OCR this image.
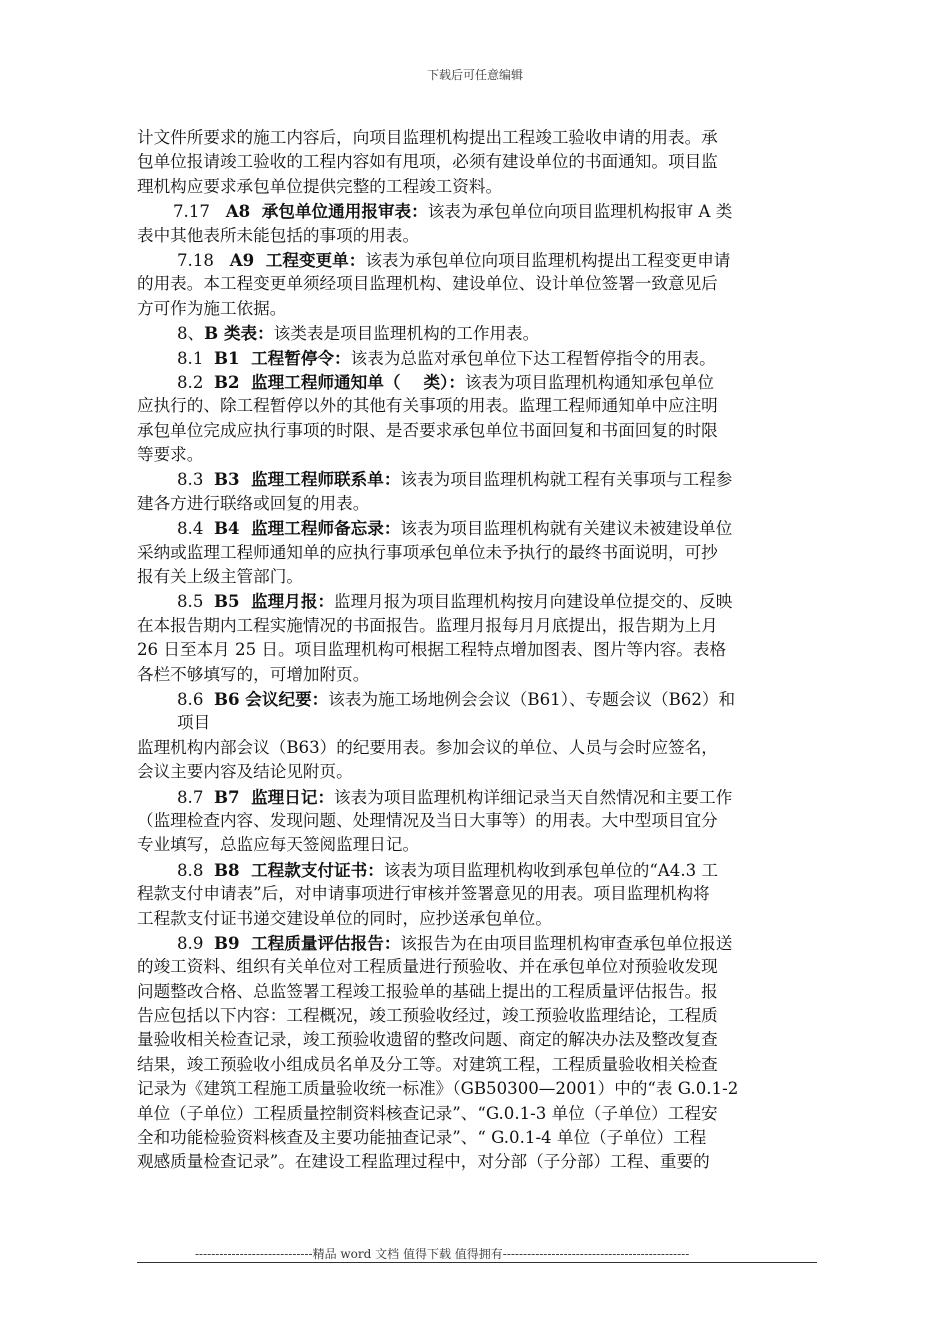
下载后可任意编辑
计文件所要求的施工内容后，向项目监理机构提出工程竣工验收申请的用表。承
包单位报请竣工验收的工程内容如有甩项，必须有建设单位的书面通知。项目监
理机构应要求承包单位提供完整的工程竣工资料。
7.17   A8  承包单位通用报审表：该表为承包单位向项目监理机构报审 A 类
表中其他表所未能包括的事项的用表。
7.18   A9  工程变更单：该表为承包单位向项目监理机构提出工程变更申请
的用表。本工程变更单须经项目监理机构、建设单位、设计单位签署一致意见后
方可作为施工依据。
8、B 类表：该类表是项目监理机构的工作用表。
8.1  B1  工程暂停令：该表为总监对承包单位下达工程暂停指令的用表。
8.2  B2  监理工程师通知单（    类）：该表为项目监理机构通知承包单位
应执行的、除工程暂停以外的其他有关事项的用表。监理工程师通知单中应注明
承包单位完成应执行事项的时限、是否要求承包单位书面回复和书面回复的时限
等要求。
8.3  B3  监理工程师联系单：该表为项目监理机构就工程有关事项与工程参
建各方进行联络或回复的用表。
8.4  B4  监理工程师备忘录：该表为项目监理机构就有关建议未被建设单位
采纳或监理工程师通知单的应执行事项承包单位未予执行的最终书面说明，可抄
报有关上级主管部门。
8.5  B5  监理月报：监理月报为项目监理机构按月向建设单位提交的、反映
在本报告期内工程实施情况的书面报告。监理月报每月月底提出，报告期为上月
26 日至本月 25 日。项目监理机构可根据工程特点增加图表、图片等内容。表格
各栏不够填写的，可增加附页。
8.6  B6 会议纪要：该表为施工场地例会会议（B61）、专题会议（B62）和
项目
监理机构内部会议（B63）的纪要用表。参加会议的单位、人员与会时应签名，
会议主要内容及结论见附页。
8.7  B7  监理日记：该表为项目监理机构详细记录当天自然情况和主要工作
（监理检查内容、发现问题、处理情况及当日大事等）的用表。大中型项目宜分
专业填写，总监应每天签阅监理日记。
8.8  B8  工程款支付证书：该表为项目监理机构收到承包单位的“A4.3 工
程款支付申请表”后，对申请事项进行审核并签署意见的用表。项目监理机构将
工程款支付证书递交建设单位的同时，应抄送承包单位。
8.9  B9  工程质量评估报告：该报告为在由项目监理机构审查承包单位报送
的竣工资料、组织有关单位对工程质量进行预验收、并在承包单位对预验收发现
问题整改合格、总监签署工程竣工报验单的基础上提出的工程质量评估报告。报
告应包括以下内容：工程概况，竣工预验收经过，竣工预验收监理结论，工程质
量验收相关检查记录，竣工预验收遗留的整改问题、商定的解决办法及整改复查
结果，竣工预验收小组成员名单及分工等。对建筑工程，工程质量验收相关检查
记录为《建筑工程施工质量验收统一标准》（GB50300—2001）中的“表 G.0.1-2
单位（子单位）工程质量控制资料核查记录”、“G.0.1-3 单位（子单位）工程安
全和功能检验资料核查及主要功能抽查记录”、“ G.0.1-4 单位（子单位）工程
观感质量检查记录”。在建设工程监理过程中，对分部（子分部）工程、重要的
-----------------------------精品 word 文档 值得下载 值得拥有----------------------------------------------
